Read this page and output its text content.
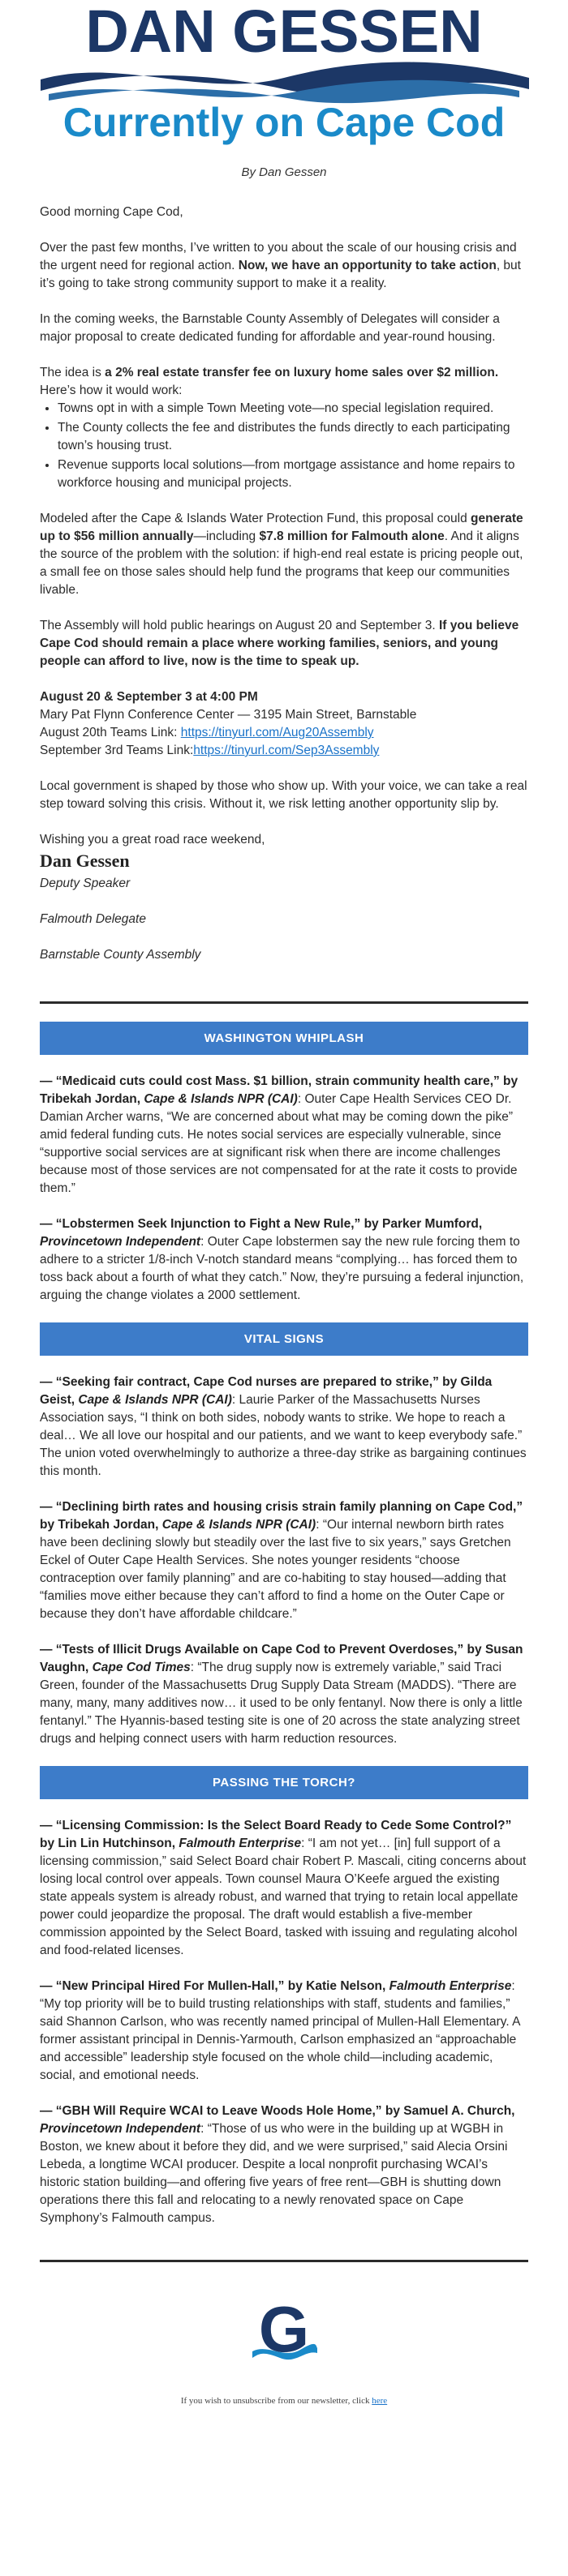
DAN GESSEN
Currently on Cape Cod
By Dan Gessen

Good morning Cape Cod,

Over the past few months, I’ve written to you about the scale of our housing crisis and the urgent need for regional action. Now, we have an opportunity to take action, but it’s going to take strong community support to make it a reality.

In the coming weeks, the Barnstable County Assembly of Delegates will consider a major proposal to create dedicated funding for affordable and year-round housing.

The idea is a 2% real estate transfer fee on luxury home sales over $2 million. Here’s how it would work:

• Towns opt in with a simple Town Meeting vote—no special legislation required.
• The County collects the fee and distributes the funds directly to each participating town’s housing trust.
• Revenue supports local solutions—from mortgage assistance and home repairs to workforce housing and municipal projects.

Modeled after the Cape & Islands Water Protection Fund, this proposal could generate up to $56 million annually—including $7.8 million for Falmouth alone. And it aligns the source of the problem with the solution: if high-end real estate is pricing people out, a small fee on those sales should help fund the programs that keep our communities livable.

The Assembly will hold public hearings on August 20 and September 3. If you believe Cape Cod should remain a place where working families, seniors, and young people can afford to live, now is the time to speak up.

August 20 & September 3 at 4:00 PM
Mary Pat Flynn Conference Center — 3195 Main Street, Barnstable
August 20th Teams Link: https://tinyurl.com/Aug20Assembly
September 3rd Teams Link:https://tinyurl.com/Sep3Assembly

Local government is shaped by those who show up. With your voice, we can take a real step toward solving this crisis. Without it, we risk letting another opportunity slip by.

Wishing you a great road race weekend,

Dan Gessen

Deputy Speaker

Falmouth Delegate

Barnstable County Assembly

WASHINGTON WHIPLASH
— “Medicaid cuts could cost Mass. $1 billion, strain community health care,” by Tribekah Jordan, Cape & Islands NPR (CAI): Outer Cape Health Services CEO Dr. Damian Archer warns, “We are concerned about what may be coming down the pike” amid federal funding cuts. He notes social services are especially vulnerable, since “supportive social services are at significant risk when there are income challenges because most of those services are not compensated for at the rate it costs to provide them.”
— “Lobstermen Seek Injunction to Fight a New Rule,” by Parker Mumford, Provincetown Independent: Outer Cape lobstermen say the new rule forcing them to adhere to a stricter 1/8-inch V-notch standard means “complying… has forced them to toss back about a fourth of what they catch.” Now, they’re pursuing a federal injunction, arguing the change violates a 2000 settlement.
VITAL SIGNS
— “Seeking fair contract, Cape Cod nurses are prepared to strike,” by Gilda Geist, Cape & Islands NPR (CAI): Laurie Parker of the Massachusetts Nurses Association says, “I think on both sides, nobody wants to strike. We hope to reach a deal… We all love our hospital and our patients, and we want to keep everybody safe.” The union voted overwhelmingly to authorize a three-day strike as bargaining continues this month.
— “Declining birth rates and housing crisis strain family planning on Cape Cod,” by Tribekah Jordan, Cape & Islands NPR (CAI): “Our internal newborn birth rates have been declining slowly but steadily over the last five to six years,” says Gretchen Eckel of Outer Cape Health Services. She notes younger residents “choose contraception over family planning” and are co-habiting to stay housed—adding that “families move either because they can’t afford to find a home on the Outer Cape or because they don’t have affordable childcare.”
— “Tests of Illicit Drugs Available on Cape Cod to Prevent Overdoses,” by Susan Vaughn, Cape Cod Times: “The drug supply now is extremely variable,” said Traci Green, founder of the Massachusetts Drug Supply Data Stream (MADDS). “There are many, many, many additives now… it used to be only fentanyl. Now there is only a little fentanyl.” The Hyannis-based testing site is one of 20 across the state analyzing street drugs and helping connect users with harm reduction resources.
PASSING THE TORCH?
— “Licensing Commission: Is the Select Board Ready to Cede Some Control?” by Lin Lin Hutchinson, Falmouth Enterprise: “I am not yet… [in] full support of a licensing commission,” said Select Board chair Robert P. Mascali, citing concerns about losing local control over appeals. Town counsel Maura O’Keefe argued the existing state appeals system is already robust, and warned that trying to retain local appellate power could jeopardize the proposal. The draft would establish a five-member commission appointed by the Select Board, tasked with issuing and regulating alcohol and food-related licenses.
— “New Principal Hired For Mullen-Hall,” by Katie Nelson, Falmouth Enterprise: “My top priority will be to build trusting relationships with staff, students and families,” said Shannon Carlson, who was recently named principal of Mullen-Hall Elementary. A former assistant principal in Dennis-Yarmouth, Carlson emphasized an “approachable and accessible” leadership style focused on the whole child—including academic, social, and emotional needs.
— “GBH Will Require WCAI to Leave Woods Hole Home,” by Samuel A. Church, Provincetown Independent: “Those of us who were in the building up at WGBH in Boston, we knew about it before they did, and we were surprised,” said Alecia Orsini Lebeda, a longtime WCAI producer. Despite a local nonprofit purchasing WCAI’s historic station building—and offering five years of free rent—GBH is shutting down operations there this fall and relocating to a newly renovated space on Cape Symphony’s Falmouth campus.
G
If you wish to unsubscribe from our newsletter, click here
